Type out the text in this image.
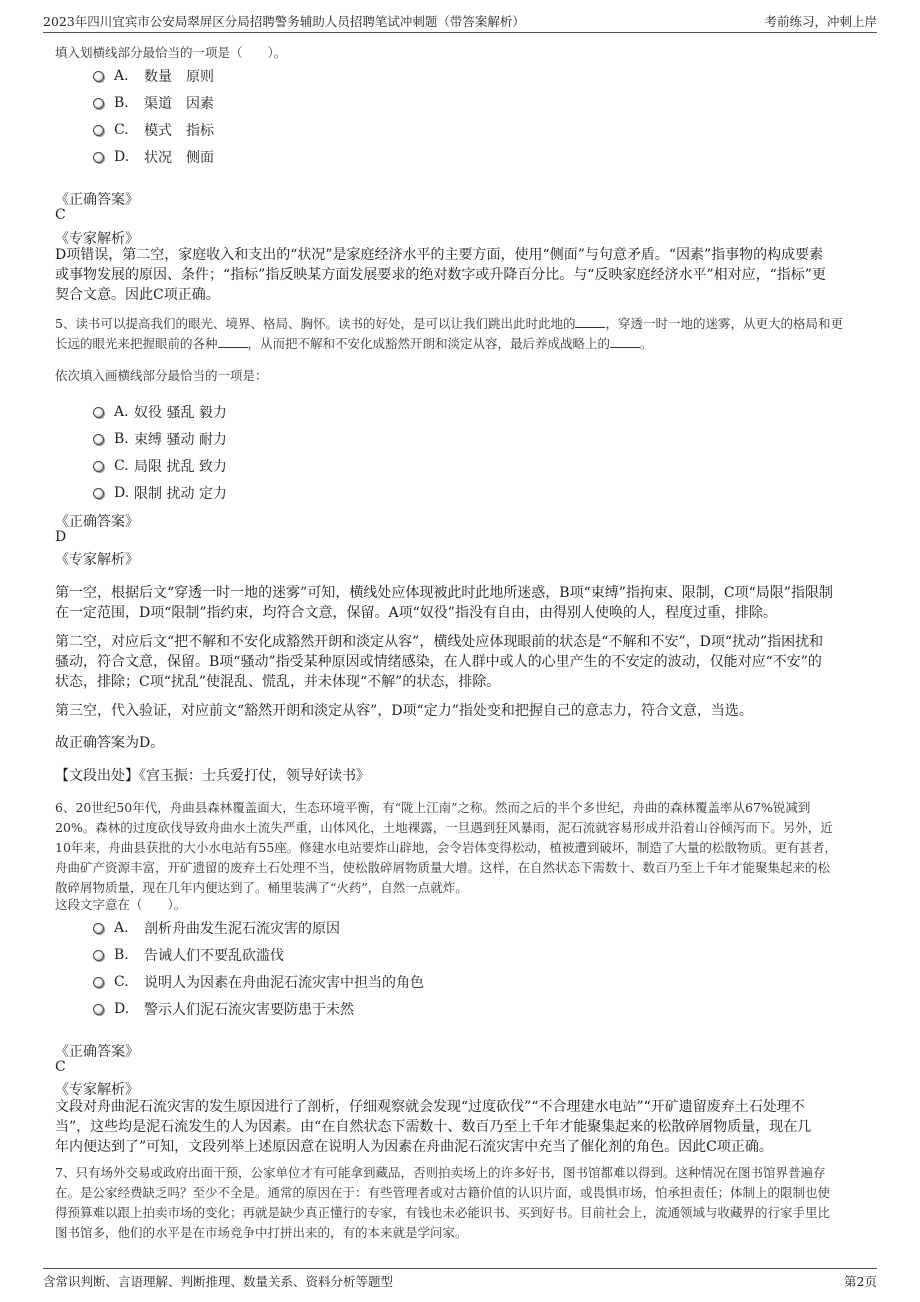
2023年四川宜宾市公安局翠屏区分局招聘警务辅助人员招聘笔试冲刺题（带答案解析）	考前练习，冲刺上岸
填入划横线部分最恰当的一项是（　　）。
A.	数量　原则
B.	渠道　因素
C.	模式　指标
D.	状况　侧面
《正确答案》
C
《专家解析》
D项错误，第二空，家庭收入和支出的“状况”是家庭经济水平的主要方面，使用“侧面”与句意矛盾。“因素”指事物的构成要素
或事物发展的原因、条件；“指标”指反映某方面发展要求的绝对数字或升降百分比。与“反映家庭经济水平”相对应，“指标”更
契合文意。因此C项正确。
5、读书可以提高我们的眼光、境界、格局、胸怀。读书的好处，是可以让我们跳出此时此地的 ，穿透一时一地的迷雾，从更大的格局和更
长远的眼光来把握眼前的各种 ，从而把不解和不安化成豁然开朗和淡定从容，最后养成战略上的 。
依次填入画横线部分最恰当的一项是：
A. 奴役 骚乱 毅力
B. 束缚 骚动 耐力
C. 局限 扰乱 致力
D. 限制 扰动 定力
《正确答案》
D
《专家解析》
第一空，根据后文“穿透一时一地的迷雾”可知，横线处应体现被此时此地所迷惑，B项“束缚”指拘束、限制，C项“局限”指限制
在一定范围，D项“限制”指约束，均符合文意，保留。A项“奴役”指没有自由，由得别人使唤的人，程度过重，排除。
第二空，对应后文“把不解和不安化成豁然开朗和淡定从容”，横线处应体现眼前的状态是“不解和不安”，D项“扰动”指困扰和
骚动，符合文意，保留。B项“骚动”指受某种原因或情绪感染，在人群中或人的心里产生的不安定的波动，仅能对应“不安”的
状态，排除；C项“扰乱”使混乱、慌乱，并未体现“不解”的状态，排除。
第三空，代入验证，对应前文“豁然开朗和淡定从容”，D项“定力”指处变和把握自己的意志力，符合文意，当选。
故正确答案为D。
【文段出处】《宫玉振：士兵爱打仗，领导好读书》
6、20世纪50年代，舟曲县森林覆盖面大，生态环境平衡，有“陇上江南”之称。然而之后的半个多世纪，舟曲的森林覆盖率从67%锐减到
20%。森林的过度砍伐导致舟曲水土流失严重，山体风化，土地裸露，一旦遇到狂风暴雨，泥石流就容易形成并沿着山谷倾泻而下。另外，近
10年来，舟曲县获批的大小水电站有55座。修建水电站要炸山辟地，会令岩体变得松动，植被遭到破坏，制造了大量的松散物质。更有甚者，
舟曲矿产资源丰富，开矿遗留的废弃土石处理不当，使松散碎屑物质量大增。这样，在自然状态下需数十、数百乃至上千年才能聚集起来的松
散碎屑物质量，现在几年内便达到了。桶里装满了“火药”，自然一点就炸。
这段文字意在（　　）。
A.	剖析舟曲发生泥石流灾害的原因
B.	告诫人们不要乱砍滥伐
C.	说明人为因素在舟曲泥石流灾害中担当的角色
D.	警示人们泥石流灾害要防患于未然
《正确答案》
C
《专家解析》
文段对舟曲泥石流灾害的发生原因进行了剖析，仔细观察就会发现“过度砍伐”“不合理建水电站”“开矿遗留废弃土石处理不
当”，这些均是泥石流发生的人为因素。由“在自然状态下需数十、数百乃至上千年才能聚集起来的松散碎屑物质量，现在几
年内便达到了”可知，文段列举上述原因意在说明人为因素在舟曲泥石流灾害中充当了催化剂的角色。因此C项正确。
7、只有场外交易或政府出面干预，公家单位才有可能拿到藏品，否则拍卖场上的许多好书，图书馆都难以得到。这种情况在图书馆界普遍存
在。是公家经费缺乏吗？至少不全是。通常的原因在于：有些管理者或对古籍价值的认识片面，或畏惧市场，怕承担责任；体制上的限制也使
得预算难以跟上拍卖市场的变化；再就是缺少真正懂行的专家，有钱也未必能识书、买到好书。目前社会上，流通领域与收藏界的行家手里比
图书馆多，他们的水平是在市场竞争中打拼出来的，有的本来就是学问家。
含常识判断、言语理解、判断推理、数量关系、资料分析等题型	第2页
